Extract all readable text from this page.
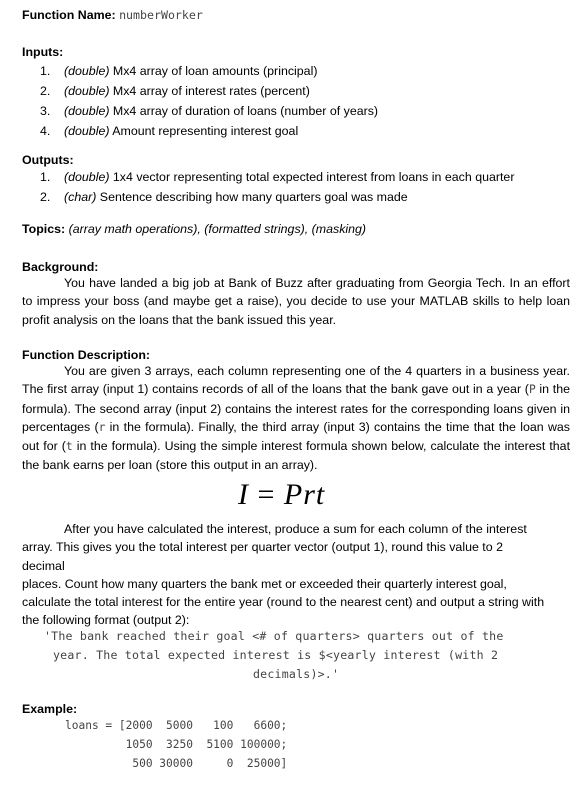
Function Name: numberWorker
Inputs:
1. (double) Mx4 array of loan amounts (principal)
2. (double) Mx4 array of interest rates (percent)
3. (double) Mx4 array of duration of loans (number of years)
4. (double) Amount representing interest goal
Outputs:
1. (double) 1x4 vector representing total expected interest from loans in each quarter
2. (char) Sentence describing how many quarters goal was made
Topics: (array math operations), (formatted strings), (masking)
Background:
You have landed a big job at Bank of Buzz after graduating from Georgia Tech. In an effort to impress your boss (and maybe get a raise), you decide to use your MATLAB skills to help loan profit analysis on the loans that the bank issued this year.
Function Description:
You are given 3 arrays, each column representing one of the 4 quarters in a business year. The first array (input 1) contains records of all of the loans that the bank gave out in a year (P in the formula). The second array (input 2) contains the interest rates for the corresponding loans given in percentages (r in the formula). Finally, the third array (input 3) contains the time that the loan was out for (t in the formula). Using the simple interest formula shown below, calculate the interest that the bank earns per loan (store this output in an array).
I = Prt
After you have calculated the interest, produce a sum for each column of the interest
array. This gives you the total interest per quarter vector (output 1), round this value to 2
decimal
places. Count how many quarters the bank met or exceeded their quarterly interest goal,
calculate the total interest for the entire year (round to the nearest cent) and output a string with
the following format (output 2):
'The bank reached their goal <# of quarters> quarters out of the
year. The total expected interest is $<yearly interest (with 2
decimals)>.'
Example:
loans = [2000  5000   100   6600;
1050  3250  5100 100000;
500 30000     0  25000]
